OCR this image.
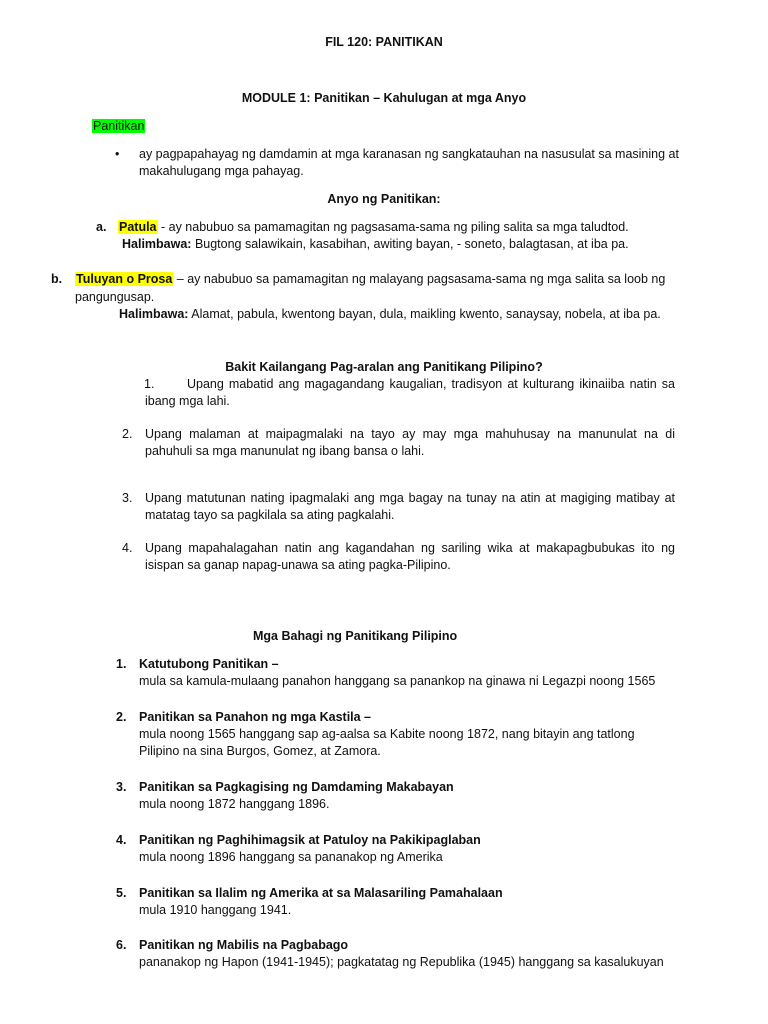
FIL 120: PANITIKAN
MODULE 1: Panitikan – Kahulugan at mga Anyo
Panitikan
• ay pagpapahayag ng damdamin at mga karanasan ng sangkatauhan na nasusulat sa masining at makahulugang mga pahayag.
Anyo ng Panitikan:
a. Patula - ay nabubuo sa pamamagitan ng pagsasama-sama ng piling salita sa mga taludtod.
Halimbawa: Bugtong salawikain, kasabihan, awiting bayan, - soneto, balagtasan, at iba pa.
b. Tuluyan o Prosa – ay nabubuo sa pamamagitan ng malayang pagsasama-sama ng mga salita sa loob ng
pangungusap.
Halimbawa: Alamat, pabula, kwentong bayan, dula, maikling kwento, sanaysay, nobela, at iba pa.
Bakit Kailangang Pag-aralan ang Panitikang Pilipino?
1.	Upang mabatid ang magagandang kaugalian, tradisyon at kulturang ikinaiiba natin sa ibang mga lahi.
2. Upang malaman at maipagmalaki na tayo ay may mga mahuhusay na manunulat na di pahuhuli sa mga manunulat ng ibang bansa o lahi.
3. Upang matutunan nating ipagmalaki ang mga bagay na tunay na atin at magiging matibay at matatag tayo sa pagkilala sa ating pagkalahi.
4. Upang mapahalagahan natin ang kagandahan ng sariling wika at makapagbubukas ito ng isispan sa ganap napag-unawa sa ating pagka-Pilipino.
Mga Bahagi ng Panitikang Pilipino
1. Katutubong Panitikan –
mula sa kamula-mulaang panahon hanggang sa panankop na ginawa ni Legazpi noong 1565
2. Panitikan sa Panahon ng mga Kastila –
mula noong 1565 hanggang sap ag-aalsa sa Kabite noong 1872, nang bitayin ang tatlong Pilipino na sina Burgos, Gomez, at Zamora.
3. Panitikan sa Pagkagising ng Damdaming Makabayan
mula noong 1872 hanggang 1896.
4. Panitikan ng Paghihimagsik at Patuloy na Pakikipaglaban
mula noong 1896 hanggang sa pananakop ng Amerika
5. Panitikan sa Ilalim ng Amerika at sa Malasariling Pamahalaan
mula 1910 hanggang 1941.
6. Panitikan ng Mabilis na Pagbabago
pananakop ng Hapon (1941-1945); pagkatatag ng Republika (1945) hanggang sa kasalukuyan
